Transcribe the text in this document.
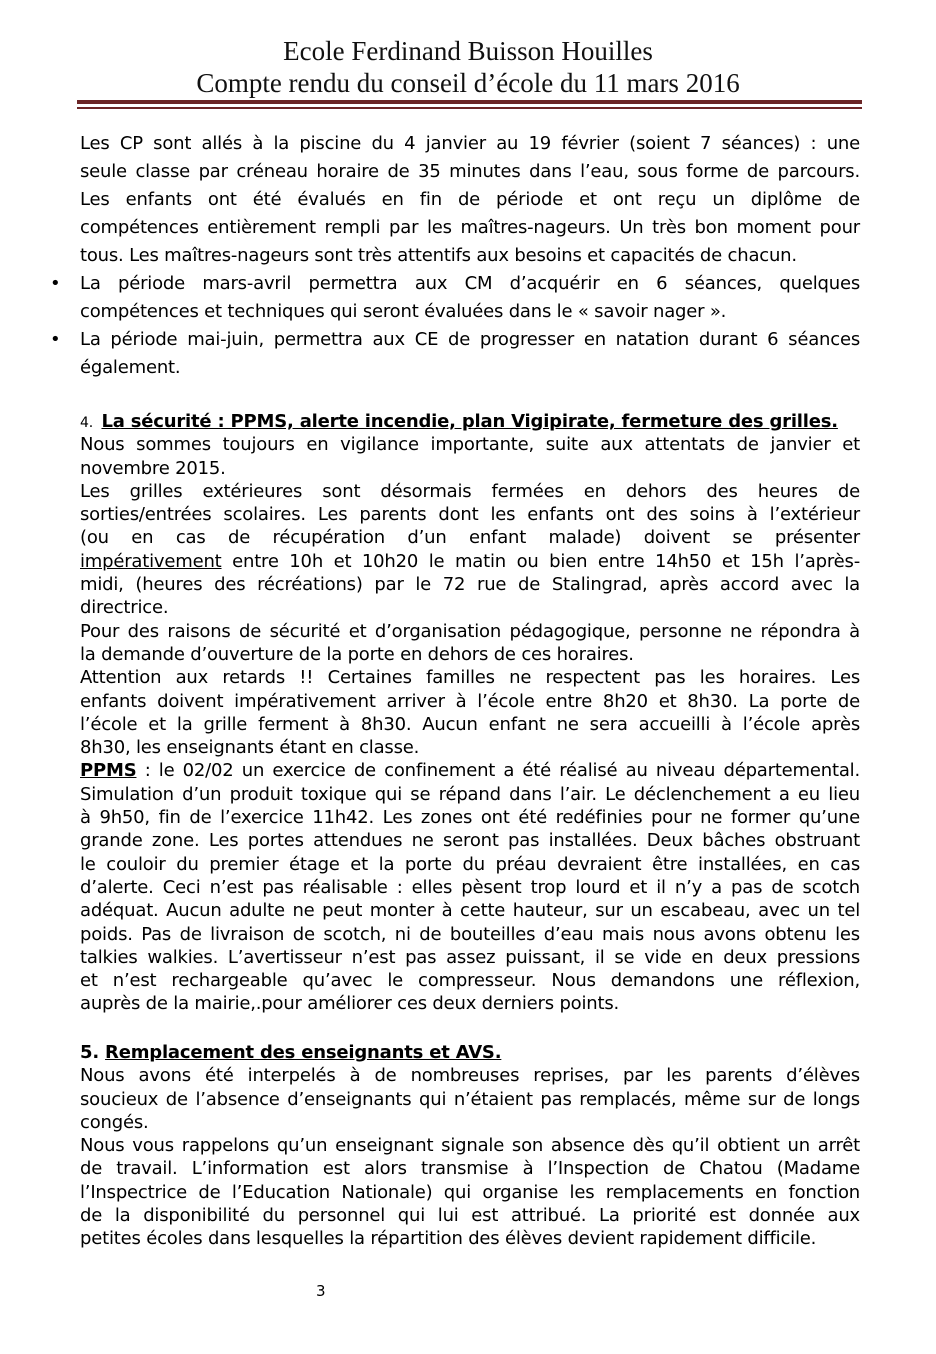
Ecole Ferdinand Buisson Houilles
Compte rendu du conseil d’école du 11 mars 2016
Les CP sont allés à la piscine du 4 janvier au 19 février (soient 7 séances) : une
seule classe par créneau horaire de 35 minutes dans l’eau, sous forme de parcours.
Les enfants ont été évalués en fin de période et ont reçu un diplôme de
compétences entièrement rempli par les maîtres-nageurs. Un très bon moment pour
tous. Les maîtres-nageurs sont très attentifs aux besoins et capacités de chacun.
• La période mars-avril permettra aux CM d’acquérir en 6 séances, quelques
compétences et techniques qui seront évaluées dans le « savoir nager ».
• La période mai-juin, permettra aux CE de progresser en natation durant 6 séances
également.
4.  La sécurité : PPMS, alerte incendie, plan Vigipirate, fermeture des grilles.
Nous sommes toujours en vigilance importante, suite aux attentats de janvier et
novembre 2015.
Les grilles extérieures sont désormais fermées en dehors des heures de
sorties/entrées scolaires. Les parents dont les enfants ont des soins à l’extérieur
(ou en cas de récupération d’un enfant malade) doivent se présenter
impérativement entre 10h et 10h20 le matin ou bien entre 14h50 et 15h l’après-
midi, (heures des récréations) par le 72 rue de Stalingrad, après accord avec la
directrice.
Pour des raisons de sécurité et d’organisation pédagogique, personne ne répondra à
la demande d’ouverture de la porte en dehors de ces horaires.
Attention aux retards !! Certaines familles ne respectent pas les horaires. Les
enfants doivent impérativement arriver à l’école entre 8h20 et 8h30. La porte de
l’école et la grille ferment à 8h30. Aucun enfant ne sera accueilli à l’école après
8h30, les enseignants étant en classe.
PPMS : le 02/02 un exercice de confinement a été réalisé au niveau départemental.
Simulation d’un produit toxique qui se répand dans l’air. Le déclenchement a eu lieu
à 9h50, fin de l’exercice 11h42. Les zones ont été redéfinies pour ne former qu’une
grande zone. Les portes attendues ne seront pas installées. Deux bâches obstruant
le couloir du premier étage et la porte du préau devraient être installées, en cas
d’alerte. Ceci n’est pas réalisable : elles pèsent trop lourd et il n’y a pas de scotch
adéquat. Aucun adulte ne peut monter à cette hauteur, sur un escabeau, avec un tel
poids. Pas de livraison de scotch, ni de bouteilles d’eau mais nous avons obtenu les
talkies walkies. L’avertisseur n’est pas assez puissant, il se vide en deux pressions
et n’est rechargeable qu’avec le compresseur. Nous demandons une réflexion,
auprès de la mairie,.pour améliorer ces deux derniers points.
5. Remplacement des enseignants et AVS.
Nous avons été interpelés à de nombreuses reprises, par les parents d’élèves
soucieux de l’absence d’enseignants qui n’étaient pas remplacés, même sur de longs
congés.
Nous vous rappelons qu’un enseignant signale son absence dès qu’il obtient un arrêt
de travail. L’information est alors transmise à l’Inspection de Chatou (Madame
l’Inspectrice de l’Education Nationale) qui organise les remplacements en fonction
de la disponibilité du personnel qui lui est attribué. La priorité est donnée aux
petites écoles dans lesquelles la répartition des élèves devient rapidement difficile.
3
